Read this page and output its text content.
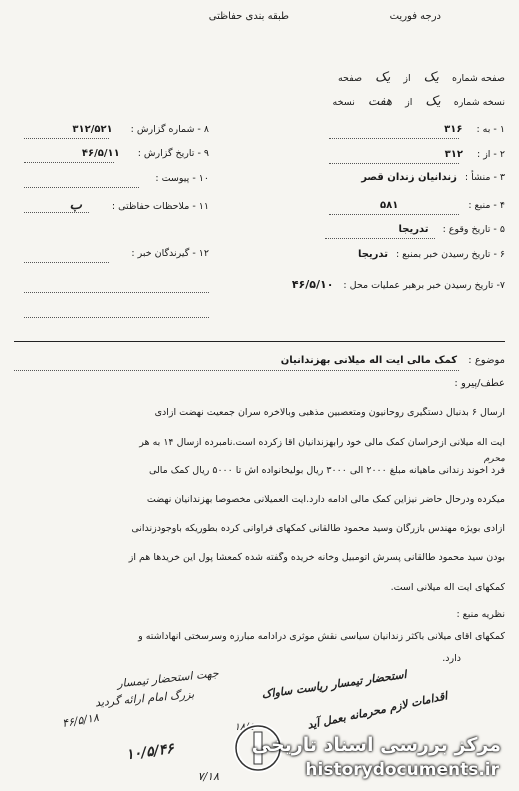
درجه فوریت
طبقه بندی حفاظتی
صفحه شماره یک از یک صفحه
نسخه شماره یک از هفت نسخه
۱ - به :۳۱۶
۲ - از :۳۱۲
۳ - منشأ :زندانیان زندان قصر
۴ - منبع :۵۸۱
۵ - تاریخ وقوع :تدریجا
۶ - تاریخ رسیدن خبر بمنبع :تدریجا
۷- تاریخ رسیدن خبر برهبر عملیات محل :۴۶/۵/۱۰
۸ - شماره گزارش :۳۱۲/۵۲۱
۹ - تاریخ گزارش :۴۶/۵/۱۱
۱۰ - پیوست :
۱۱ - ملاحظات حفاظتی :ب
۱۲ - گیرندگان خبر :
موضوع : کمک مالی ایت اله میلانی بهزندانیان
عطف/پیرو :
ارسال ۶ بدنبال دستگیری روحانیون ومتعصبین مذهبی وبالاخره سران جمعیت نهضت آزادی
آیت اله میلانی ازخراسان کمک مالی خود رابهزندانیان آقا زکرده است.نامبرده ازسال ۱۴ به هر
محرم
فرد آخوند زندانی ماهیانه مبلغ ۲۰۰۰ الی ۳۰۰۰ ریال بولیخانواده اش تا ۵۰۰۰ ریال کمک مالی
میکرده ودرحال حاضر نیزاین کمک مالی ادامه دارد.ایت العمیلانی مخصوصا بهزندانیان نهضت
آزادی بویژه مهندس بازرگان وسید محمود طالقانی کمکهای فراوانی کرده بطوریکه باوجودزندانی
بودن سید محمود طالقانی پسرش اتومبیل وخانه خریده وگفته شده کمعشا پول این خریدها هم از
کمکهای ایت اله میلانی است.
نظریه منبع :
کمکهای آقای میلانی باکثر زندانیان سیاسی نقش موثری درادامه مبارزه وسرسختی انهاداشته و
دارد.
جهت استحضار تیمسار
بزرگ امام ارائه گردید	استحضار تیمسار ریاست ساواک
اقدامات لازم محرمانه بعمل آید
۴۶/۵/۱۸
۱۰/۵/۴۶
۷/۱۸
۱۸/۵
مرکز بررسی اسناد تاریخی
historydocuments.ir
